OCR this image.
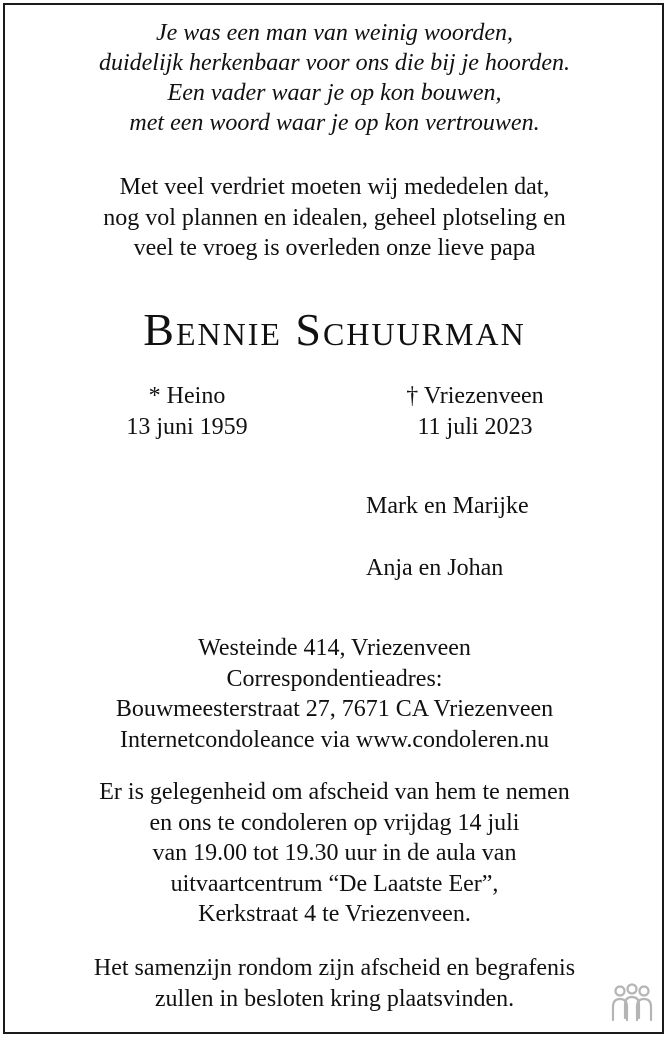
Je was een man van weinig woorden,
duidelijk herkenbaar voor ons die bij je hoorden.
Een vader waar je op kon bouwen,
met een woord waar je op kon vertrouwen.
Met veel verdriet moeten wij mededelen dat,
nog vol plannen en idealen, geheel plotseling en
veel te vroeg is overleden onze lieve papa
Bennie Schuurman
* Heino
13 juni 1959
† Vriezenveen
11 juli 2023
Mark en Marijke
Anja en Johan
Westeinde 414, Vriezenveen
Correspondentieadres:
Bouwmeesterstraat 27, 7671 CA Vriezenveen
Internetcondoleance via www.condoleren.nu
Er is gelegenheid om afscheid van hem te nemen
en ons te condoleren op vrijdag 14 juli
van 19.00 tot 19.30 uur in de aula van
uitvaartcentrum “De Laatste Eer”,
Kerkstraat 4 te Vriezenveen.
Het samenzijn rondom zijn afscheid en begrafenis
zullen in besloten kring plaatsvinden.
